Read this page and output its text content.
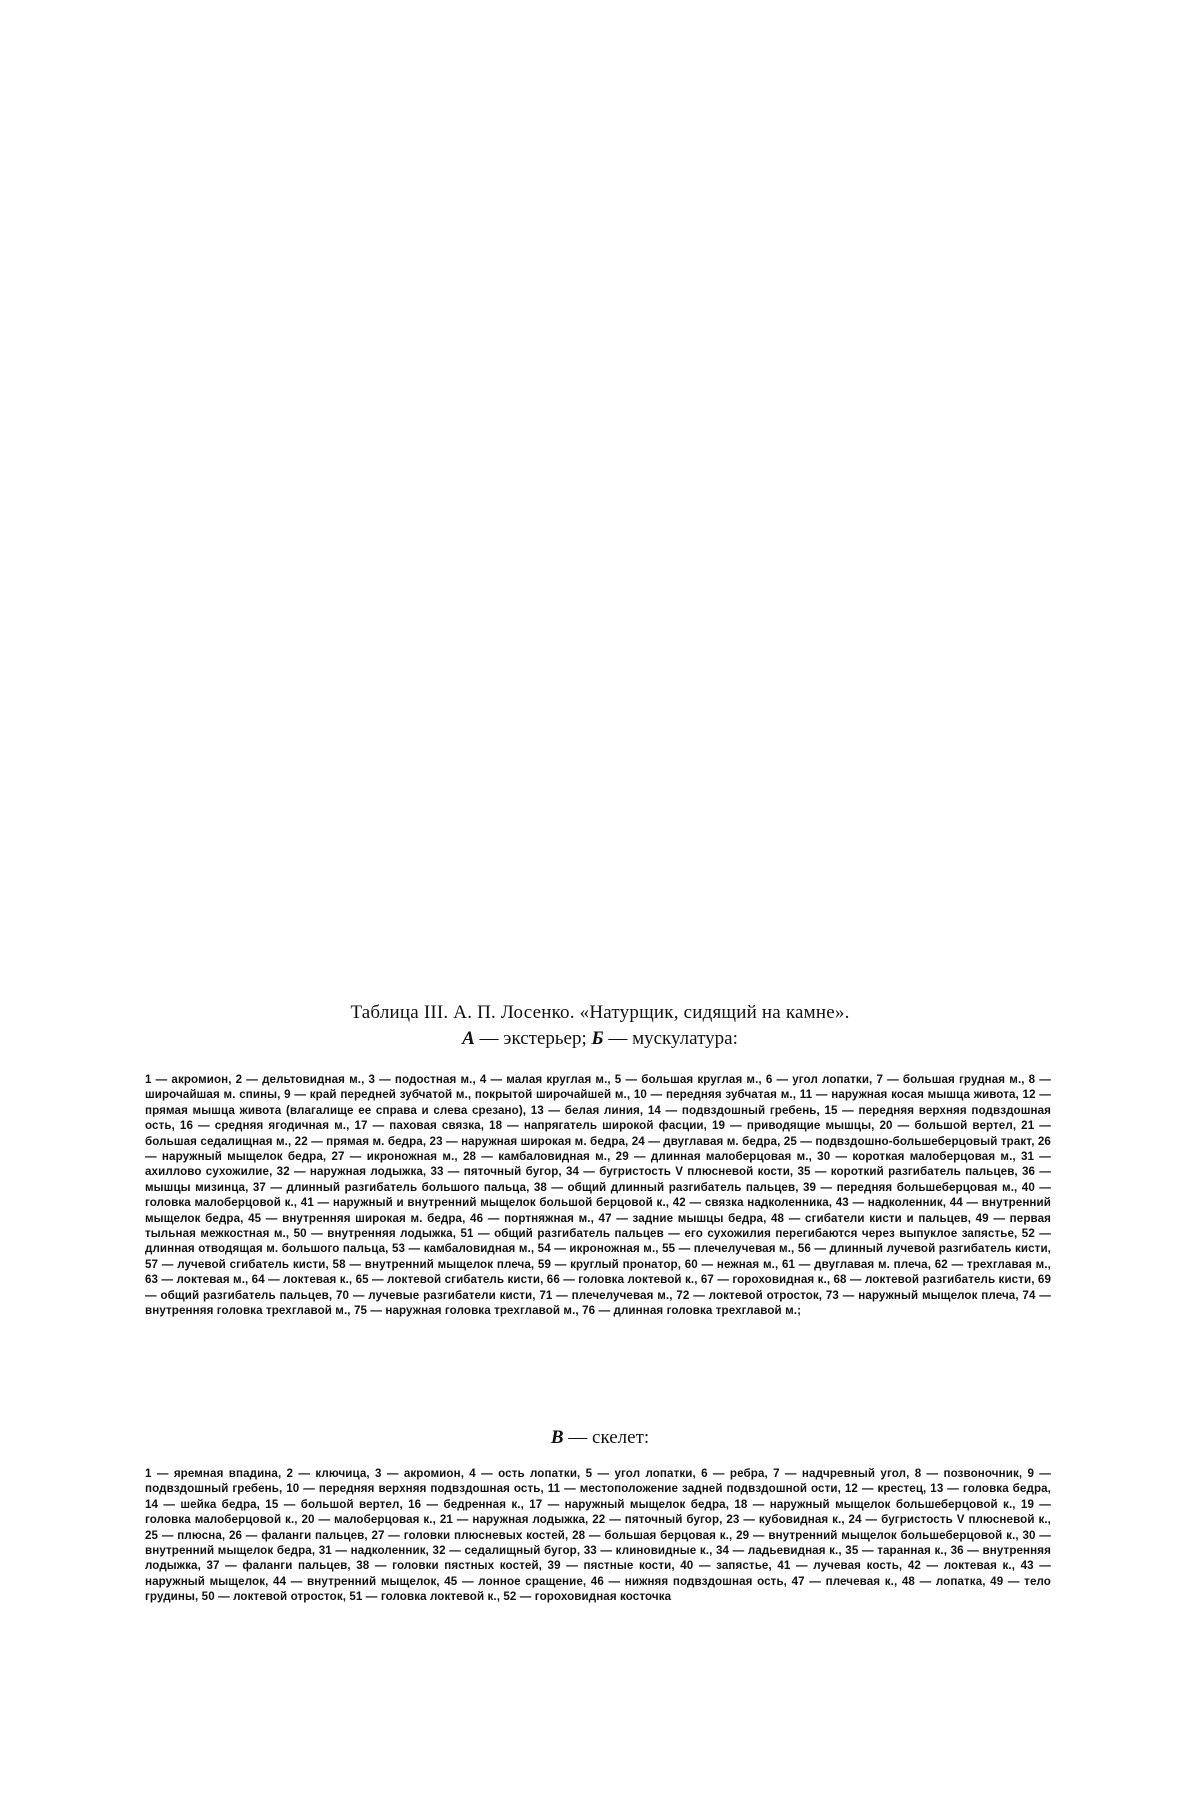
Таблица III. А. П. Лосенко. «Натурщик, сидящий на камне».
А — экстерьер; Б — мускулатура:

1 — акромион, 2 — дельтовидная м., 3 — подостная м., 4 — малая круглая м., 5 — большая круглая м., 6 — угол лопатки, 7 — большая грудная м., 8 — широчайшая м. спины, 9 — край передней зубчатой м., покрытой широчайшей м., 10 — передняя зубчатая м., 11 — наружная косая мышца живота, 12 — прямая мышца живота (влагалище ее справа и слева срезано), 13 — белая линия, 14 — подвздошный гребень, 15 — передняя верхняя подвздошная ость, 16 — средняя ягодичная м., 17 — паховая связка, 18 — напрягатель широкой фасции, 19 — приводящие мышцы, 20 — большой вертел, 21 — большая седалищная м., 22 — прямая м. бедра, 23 — наружная широкая м. бедра, 24 — двуглавая м. бедра, 25 — подвздошно-большеберцовый тракт, 26 — наружный мыщелок бедра, 27 — икроножная м., 28 — камбаловидная м., 29 — длинная малоберцовая м., 30 — короткая малоберцовая м., 31 — ахиллово сухожилие, 32 — наружная лодыжка, 33 — пяточный бугор, 34 — бугристость V плюсневой кости, 35 — короткий разгибатель пальцев, 36 — мышцы мизинца, 37 — длинный разгибатель большого пальца, 38 — общий длинный разгибатель пальцев, 39 — передняя большеберцовая м., 40 — головка малоберцовой к., 41 — наружный и внутренний мыщелок большой берцовой к., 42 — связка надколенника, 43 — надколенник, 44 — внутренний мыщелок бедра, 45 — внутренняя широкая м. бедра, 46 — портняжная м., 47 — задние мышцы бедра, 48 — сгибатели кисти и пальцев, 49 — первая тыльная межкостная м., 50 — внутренняя лодыжка, 51 — общий разгибатель пальцев — его сухожилия перегибаются через выпуклое запястье, 52 — длинная отводящая м. большого пальца, 53 — камбаловидная м., 54 — икроножная м., 55 — плечелучевая м., 56 — длинный лучевой разгибатель кисти, 57 — лучевой сгибатель кисти, 58 — внутренний мыщелок плеча, 59 — круглый пронатор, 60 — нежная м., 61 — двуглавая м. плеча, 62 — трехглавая м., 63 — локтевая м., 64 — локтевая к., 65 — локтевой сгибатель кисти, 66 — головка локтевой к., 67 — гороховидная к., 68 — локтевой разгибатель кисти, 69 — общий разгибатель пальцев, 70 — лучевые разгибатели кисти, 71 — плечелучевая м., 72 — локтевой отросток, 73 — наружный мыщелок плеча, 74 — внутренняя головка трехглавой м., 75 — наружная головка трехглавой м., 76 — длинная головка трехглавой м.;

В — скелет:

1 — яремная впадина, 2 — ключица, 3 — акромион, 4 — ость лопатки, 5 — угол лопатки, 6 — ребра, 7 — надчревный угол, 8 — позвоночник, 9 — подвздошный гребень, 10 — передняя верхняя подвздошная ость, 11 — местоположение задней подвздошной ости, 12 — крестец, 13 — головка бедра, 14 — шейка бедра, 15 — большой вертел, 16 — бедренная к., 17 — наружный мыщелок бедра, 18 — наружный мыщелок большеберцовой к., 19 — головка малоберцовой к., 20 — малоберцовая к., 21 — наружная лодыжка, 22 — пяточный бугор, 23 — кубовидная к., 24 — бугристость V плюсневой к., 25 — плюсна, 26 — фаланги пальцев, 27 — головки плюсневых костей, 28 — большая берцовая к., 29 — внутренний мыщелок большеберцовой к., 30 — внутренний мыщелок бедра, 31 — надколенник, 32 — седалищный бугор, 33 — клиновидные к., 34 — ладьевидная к., 35 — таранная к., 36 — внутренняя лодыжка, 37 — фаланги пальцев, 38 — головки пястных костей, 39 — пястные кости, 40 — запястье, 41 — лучевая кость, 42 — локтевая к., 43 — наружный мыщелок, 44 — внутренний мыщелок, 45 — лонное сращение, 46 — нижняя подвздошная ость, 47 — плечевая к., 48 — лопатка, 49 — тело грудины, 50 — локтевой отросток, 51 — головка локтевой к., 52 — гороховидная косточка
